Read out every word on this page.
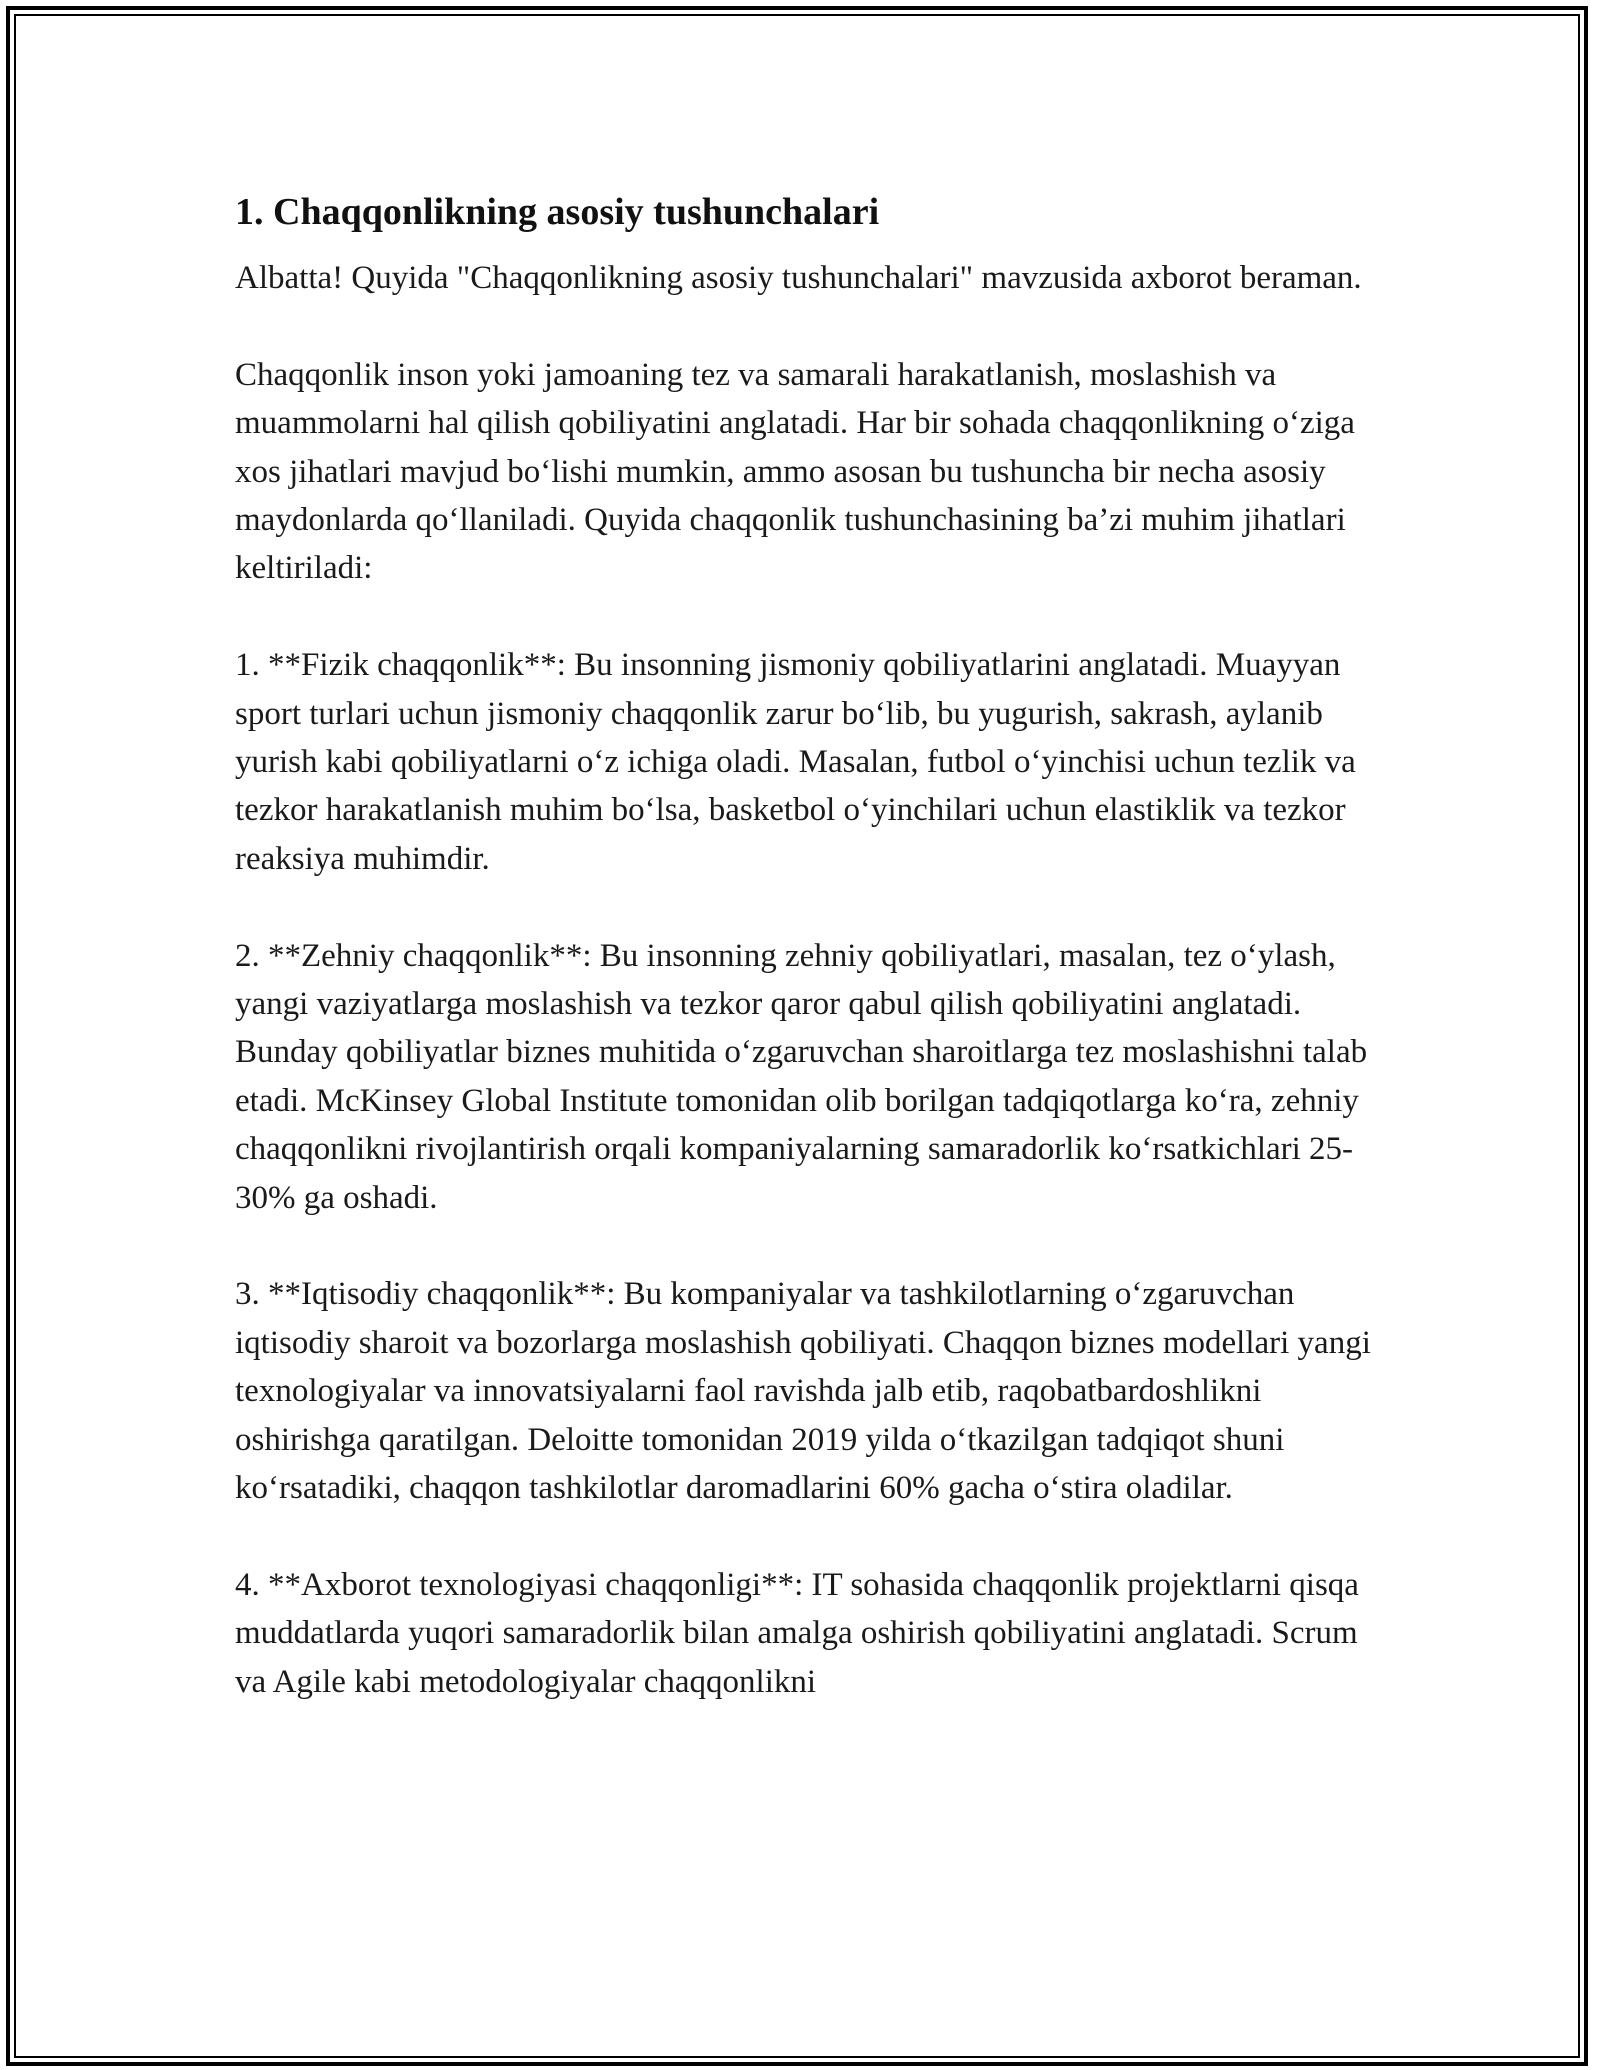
1. Chaqqonlikning asosiy tushunchalari

Albatta! Quyida "Chaqqonlikning asosiy tushunchalari" mavzusida axborot beraman.

Chaqqonlik inson yoki jamoaning tez va samarali harakatlanish, moslashish va muammolarni hal qilish qobiliyatini anglatadi. Har bir sohada chaqqonlikning o‘ziga xos jihatlari mavjud bo‘lishi mumkin, ammo asosan bu tushuncha bir necha asosiy maydonlarda qo‘llaniladi. Quyida chaqqonlik tushunchasining ba’zi muhim jihatlari keltiriladi:

1. **Fizik chaqqonlik**: Bu insonning jismoniy qobiliyatlarini anglatadi. Muayyan sport turlari uchun jismoniy chaqqonlik zarur bo‘lib, bu yugurish, sakrash, aylanib yurish kabi qobiliyatlarni o‘z ichiga oladi. Masalan, futbol o‘yinchisi uchun tezlik va tezkor harakatlanish muhim bo‘lsa, basketbol o‘yinchilari uchun elastiklik va tezkor reaksiya muhimdir.

2. **Zehniy chaqqonlik**: Bu insonning zehniy qobiliyatlari, masalan, tez o‘ylash, yangi vaziyatlarga moslashish va tezkor qaror qabul qilish qobiliyatini anglatadi. Bunday qobiliyatlar biznes muhitida o‘zgaruvchan sharoitlarga tez moslashishni talab etadi. McKinsey Global Institute tomonidan olib borilgan tadqiqotlarga ko‘ra, zehniy chaqqonlikni rivojlantirish orqali kompaniyalarning samaradorlik ko‘rsatkichlari 25-30% ga oshadi.

3. **Iqtisodiy chaqqonlik**: Bu kompaniyalar va tashkilotlarning o‘zgaruvchan iqtisodiy sharoit va bozorlarga moslashish qobiliyati. Chaqqon biznes modellari yangi texnologiyalar va innovatsiyalarni faol ravishda jalb etib, raqobatbardoshlikni oshirishga qaratilgan. Deloitte tomonidan 2019 yilda o‘tkazilgan tadqiqot shuni ko‘rsatadiki, chaqqon tashkilotlar daromadlarini 60% gacha o‘stira oladilar.

4. **Axborot texnologiyasi chaqqonligi**: IT sohasida chaqqonlik projektlarni qisqa muddatlarda yuqori samaradorlik bilan amalga oshirish qobiliyatini anglatadi. Scrum va Agile kabi metodologiyalar chaqqonlikni
